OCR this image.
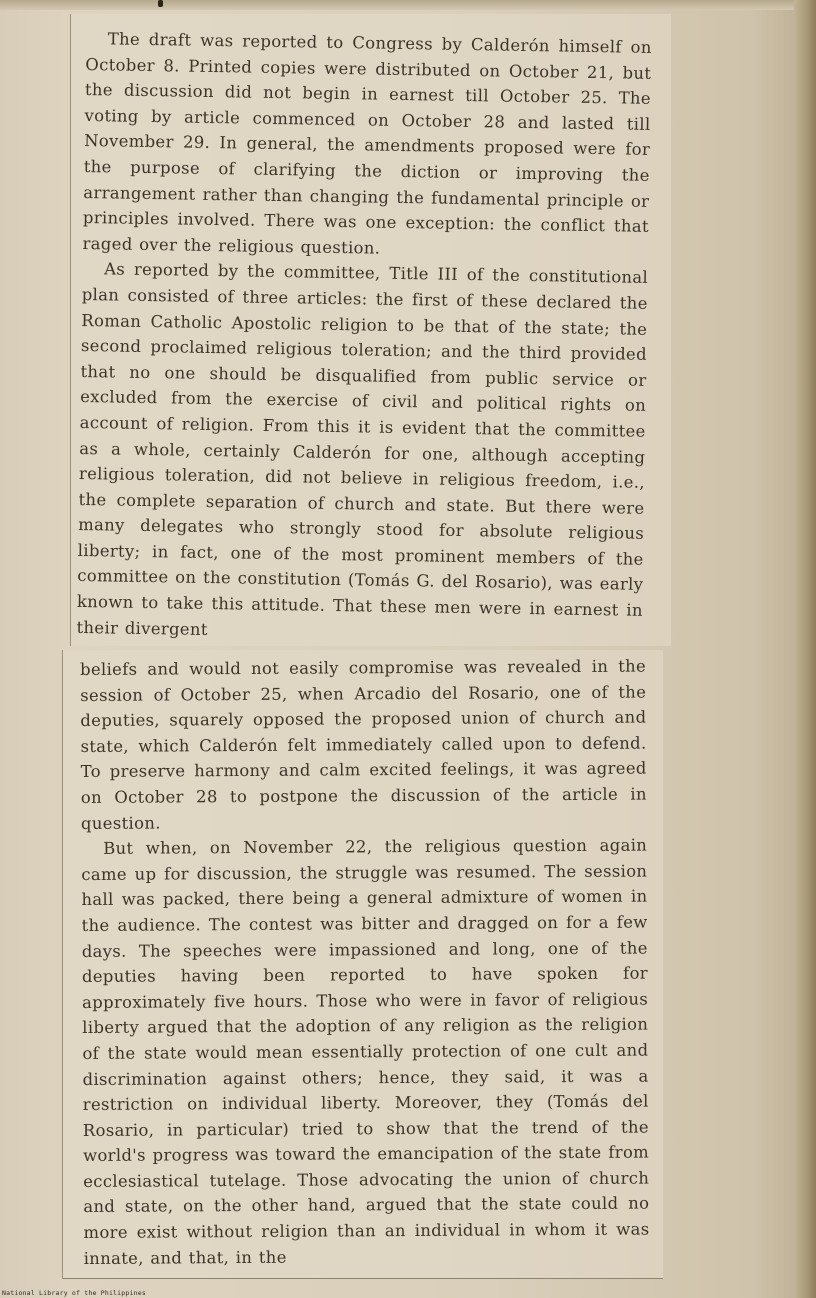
The draft was reported to Congress by Calderón himself on October 8. Printed copies were distributed on October 21, but the discussion did not begin in earnest till October 25. The voting by article commenced on October 28 and lasted till November 29. In general, the amendments proposed were for the purpose of clarifying the diction or improving the arrangement rather than changing the fundamental principle or principles involved. There was one exception: the conflict that raged over the religious question.

As reported by the committee, Title III of the constitutional plan consisted of three articles: the first of these declared the Roman Catholic Apostolic religion to be that of the state; the second proclaimed religious toleration; and the third provided that no one should be disqualified from public service or excluded from the exercise of civil and political rights on account of religion. From this it is evident that the committee as a whole, certainly Calderón for one, although accepting religious toleration, did not believe in religious freedom, i.e., the complete separation of church and state. But there were many delegates who strongly stood for absolute religious liberty; in fact, one of the most prominent members of the committee on the constitution (Tomás G. del Rosario), was early known to take this attitude. That these men were in earnest in their divergent

beliefs and would not easily compromise was revealed in the session of October 25, when Arcadio del Rosario, one of the deputies, squarely opposed the proposed union of church and state, which Calderón felt immediately called upon to defend. To preserve harmony and calm excited feelings, it was agreed on October 28 to postpone the discussion of the article in question.

But when, on November 22, the religious question again came up for discussion, the struggle was resumed. The session hall was packed, there being a general admixture of women in the audience. The contest was bitter and dragged on for a few days. The speeches were impassioned and long, one of the deputies having been reported to have spoken for approximately five hours. Those who were in favor of religious liberty argued that the adoption of any religion as the religion of the state would mean essentially protection of one cult and discrimination against others; hence, they said, it was a restriction on individual liberty. Moreover, they (Tomás del Rosario, in particular) tried to show that the trend of the world's progress was toward the emancipation of the state from ecclesiastical tutelage. Those advocating the union of church and state, on the other hand, argued that the state could no more exist without religion than an individual in whom it was innate, and that, in the

National Library of the Philippines
